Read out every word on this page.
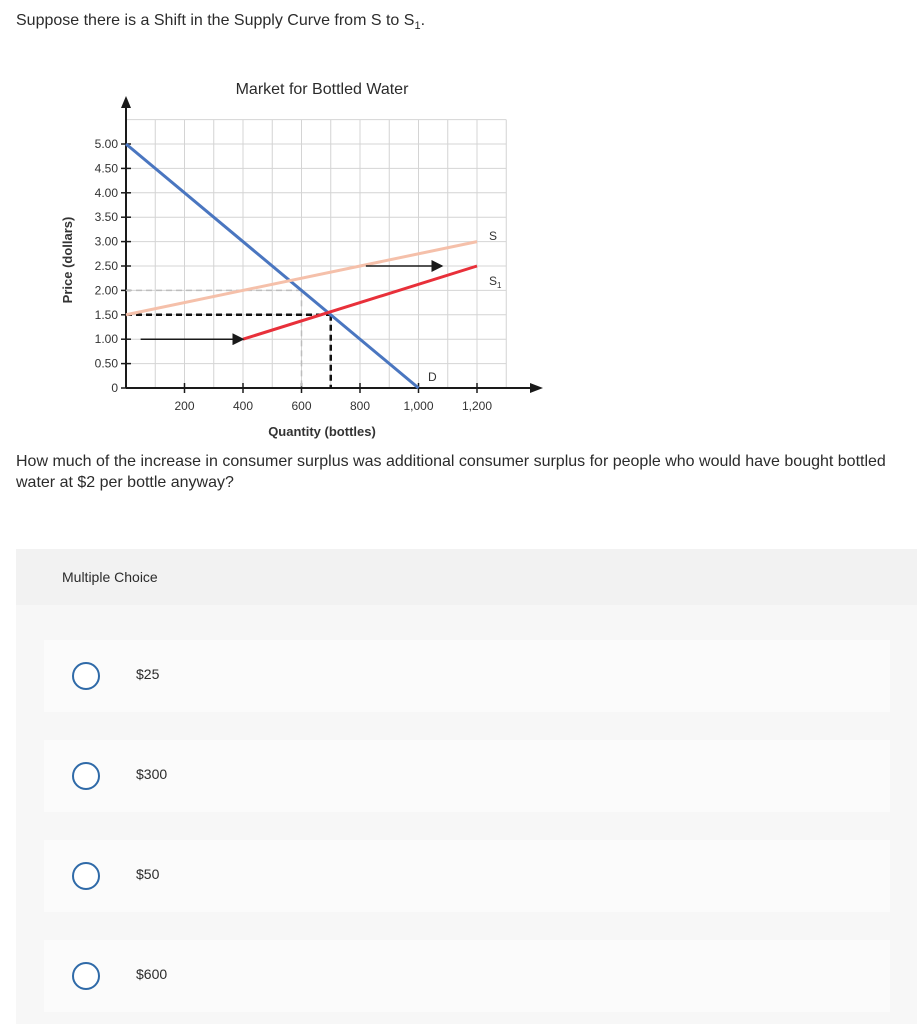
Suppose there is a Shift in the Supply Curve from S to $S_1$.
Market for Bottled Water
0
0.50
1.00
1.50
2.00
2.50
3.00
3.50
4.00
4.50
5.00
200	400	600	800	1,000 1,200
Quantity (bottles)
Price (dollars)	S
$S_1$
D
How much of the increase in consumer surplus was additional consumer surplus for people who would have bought bottled water at $2 per bottle anyway?
Multiple Choice
$25
$300
$50
$600
